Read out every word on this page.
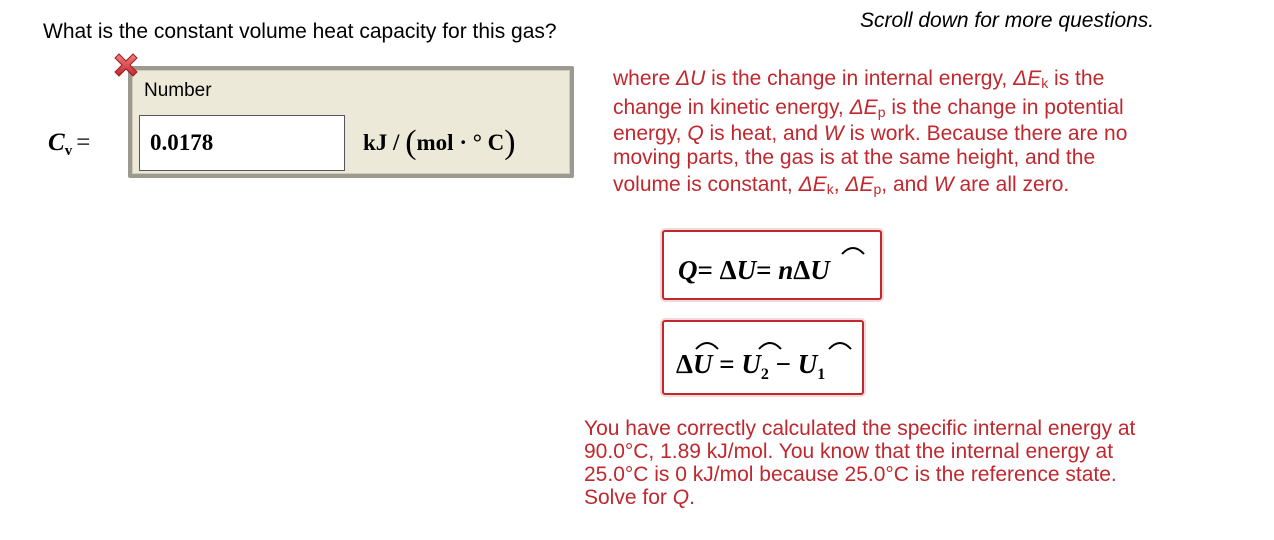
What is the constant volume heat capacity for this gas?	Scroll down for more questions.
$C_v$ =
Number
0.0178
kJ / (mol · ° C)
where ΔU is the change in internal energy, $\Delta E_k$ is the
change in kinetic energy, $\Delta E_p$ is the change in potential
energy, Q is heat, and W is work. Because there are no
moving parts, the gas is at the same height, and the
volume is constant, $\Delta E_k$, $\Delta E_p$, and W are all zero.
Q= ΔU= nΔU
$\Delta U = U_2 - U_1$
You have correctly calculated the specific internal energy at
90.0°C, 1.89 kJ/mol. You know that the internal energy at
25.0°C is 0 kJ/mol because 25.0°C is the reference state.
Solve for Q.
